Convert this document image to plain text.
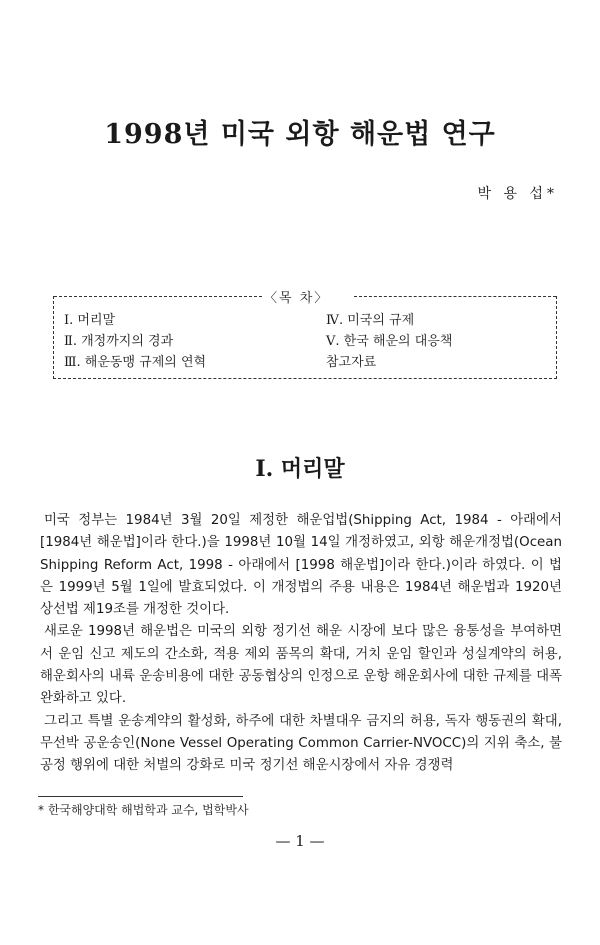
1998년 미국 외항 해운법 연구
박 용 섭*
〈목 차〉
Ⅰ. 머리말
Ⅱ. 개정까지의 경과
Ⅲ. 해운동맹 규제의 연혁
Ⅳ. 미국의 규제
Ⅴ. 한국 해운의 대응책
참고자료
Ⅰ. 머리말

미국 정부는 1984년 3월 20일 제정한 해운업법(Shipping Act, 1984 - 아래에서 [1984년 해운법]이라 한다.)을 1998년 10월 14일 개정하였고, 외항 해운개정법(Ocean Shipping Reform Act, 1998 - 아래에서 [1998 해운법]이라 한다.)이라 하였다. 이 법은 1999년 5월 1일에 발효되었다. 이 개정법의 주용 내용은 1984년 해운법과 1920년 상선법 제19조를 개정한 것이다.

새로운 1998년 해운법은 미국의 외항 정기선 해운 시장에 보다 많은 융통성을 부여하면서 운임 신고 제도의 간소화, 적용 제외 품목의 확대, 거치 운임 할인과 성실계약의 허용, 해운회사의 내륙 운송비용에 대한 공동협상의 인정으로 운항 해운회사에 대한 규제를 대폭 완화하고 있다.

그리고 특별 운송계약의 활성화, 하주에 대한 차별대우 금지의 허용, 독자 행동권의 확대, 무선박 공운송인(None Vessel Operating Common Carrier-NVOCC)의 지위 축소, 불공정 행위에 대한 처벌의 강화로 미국 정기선 해운시장에서 자유 경쟁력

* 한국해양대학 해법학과 교수, 법학박사
— 1 —
